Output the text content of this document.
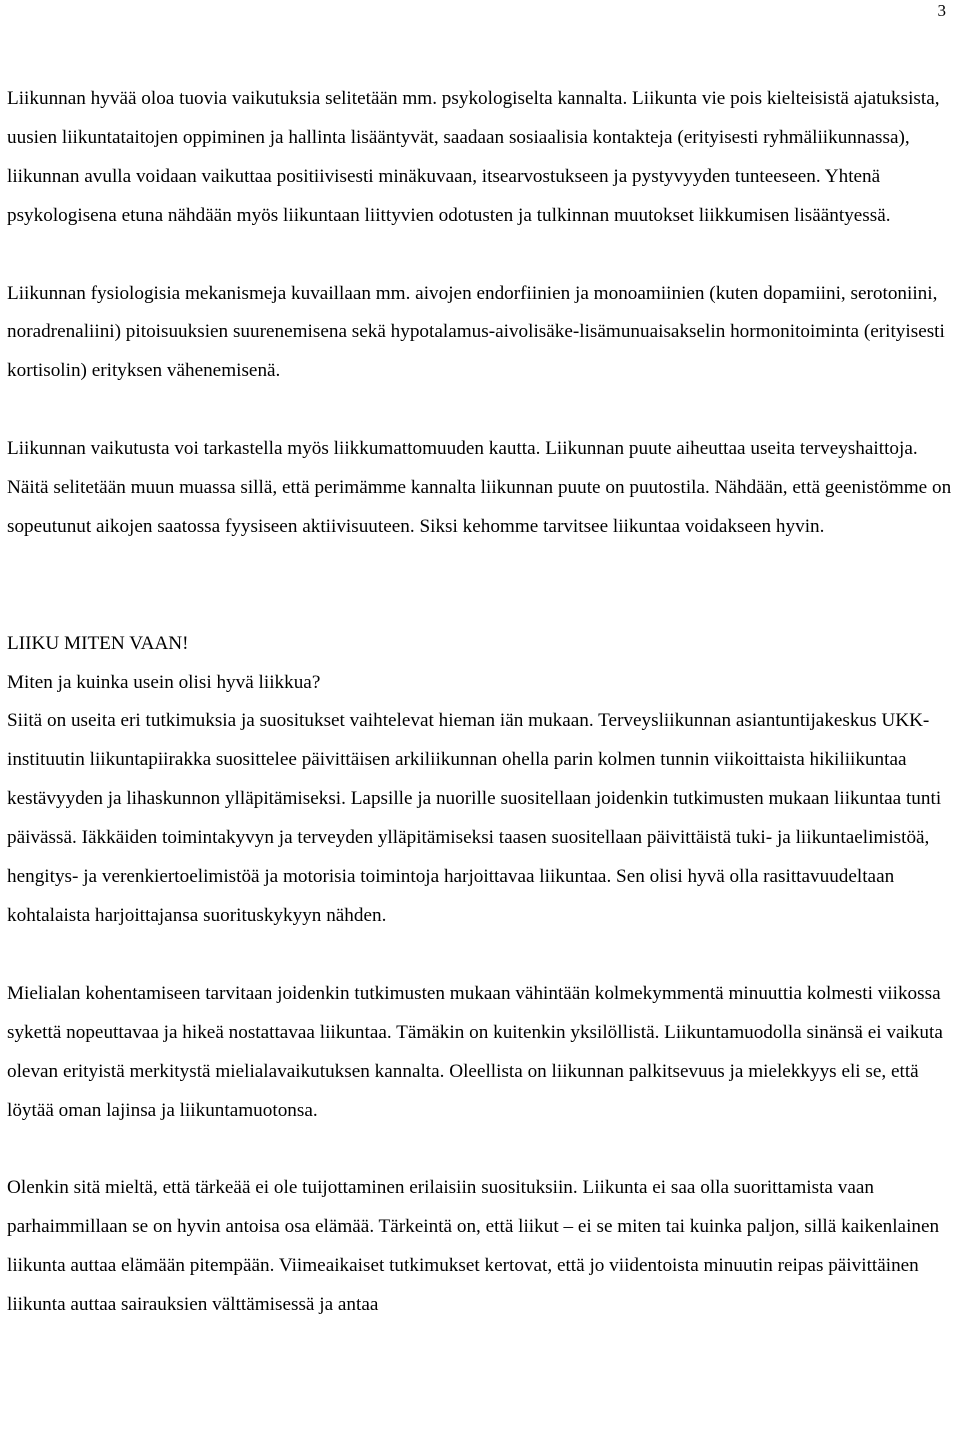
3

Liikunnan hyvää oloa tuovia vaikutuksia selitetään mm. psykologiselta kannalta. Liikunta vie pois kielteisistä ajatuksista, uusien liikuntataitojen oppiminen ja hallinta lisääntyvät, saadaan sosiaalisia kontakteja (erityisesti ryhmäliikunnassa), liikunnan avulla voidaan vaikuttaa positiivisesti minäkuvaan, itsearvostukseen ja pystyvyyden tunteeseen. Yhtenä psykologisena etuna nähdään myös liikuntaan liittyvien odotusten ja tulkinnan muutokset liikkumisen lisääntyessä.

Liikunnan fysiologisia mekanismeja kuvaillaan mm. aivojen endorfiinien ja monoamiinien (kuten dopamiini, serotoniini, noradrenaliini) pitoisuuksien suurenemisena sekä hypotalamus-aivolisäke-lisämunuaisakselin hormonitoiminta (erityisesti kortisolin) erityksen vähenemisenä.

Liikunnan vaikutusta voi tarkastella myös liikkumattomuuden kautta. Liikunnan puute aiheuttaa useita terveyshaittoja. Näitä selitetään muun muassa sillä, että perimämme kannalta liikunnan puute on puutostila. Nähdään, että geenistömme on sopeutunut aikojen saatossa fyysiseen aktiivisuuteen. Siksi kehomme tarvitsee liikuntaa voidakseen hyvin.

LIIKU MITEN VAAN!

Miten ja kuinka usein olisi hyvä liikkua?

Siitä on useita eri tutkimuksia ja suositukset vaihtelevat hieman iän mukaan. Terveysliikunnan asiantuntijakeskus UKK-instituutin liikuntapiirakka suosittelee päivittäisen arkiliikunnan ohella parin kolmen tunnin viikoittaista hikiliikuntaa kestävyyden ja lihaskunnon ylläpitämiseksi. Lapsille ja nuorille suositellaan joidenkin tutkimusten mukaan liikuntaa tunti päivässä. Iäkkäiden toimintakyvyn ja terveyden ylläpitämiseksi taasen suositellaan päivittäistä tuki- ja liikuntaelimistöä, hengitys- ja verenkiertoelimistöä ja motorisia toimintoja harjoittavaa liikuntaa. Sen olisi hyvä olla rasittavuudeltaan kohtalaista harjoittajansa suorituskykyyn nähden.

Mielialan kohentamiseen tarvitaan joidenkin tutkimusten mukaan vähintään kolmekymmentä minuuttia kolmesti viikossa sykettä nopeuttavaa ja hikeä nostattavaa liikuntaa. Tämäkin on kuitenkin yksilöllistä. Liikuntamuodolla sinänsä ei vaikuta olevan erityistä merkitystä mielialavaikutuksen kannalta. Oleellista on liikunnan palkitsevuus ja mielekkyys eli se, että löytää oman lajinsa ja liikuntamuotonsa.

Olenkin sitä mieltä, että tärkeää ei ole tuijottaminen erilaisiin suosituksiin. Liikunta ei saa olla suorittamista vaan parhaimmillaan se on hyvin antoisa osa elämää. Tärkeintä on, että liikut – ei se miten tai kuinka paljon, sillä kaikenlainen liikunta auttaa elämään pitempään. Viimeaikaiset tutkimukset kertovat, että jo viidentoista minuutin reipas päivittäinen liikunta auttaa sairauksien välttämisessä ja antaa
